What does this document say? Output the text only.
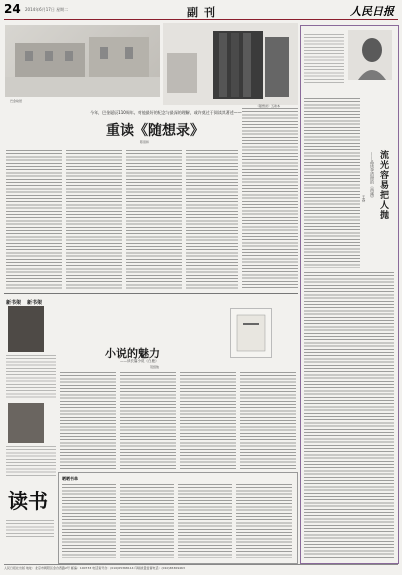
24 2014年6月17日 星期二	副刊	人民日报
巴金故居
《随想录》五卷本
今年，巴金诞辰110周年。对他最好的纪念与最深的理解，或许莫过于阅读其著述——
重读《随想录》
陈思和
新书架 新书架
小说的魅力
——读长篇小说《白鹿》
贺绍俊
读书
晒晒书单
流光容易把人抛
——品读李清照的《西溪》
王春
人民日报社出版 地址：北京市朝阳区金台西路2号 邮编：100733 电话查号台：(010)65368114 印刷质量监督电话：(010)65369463
